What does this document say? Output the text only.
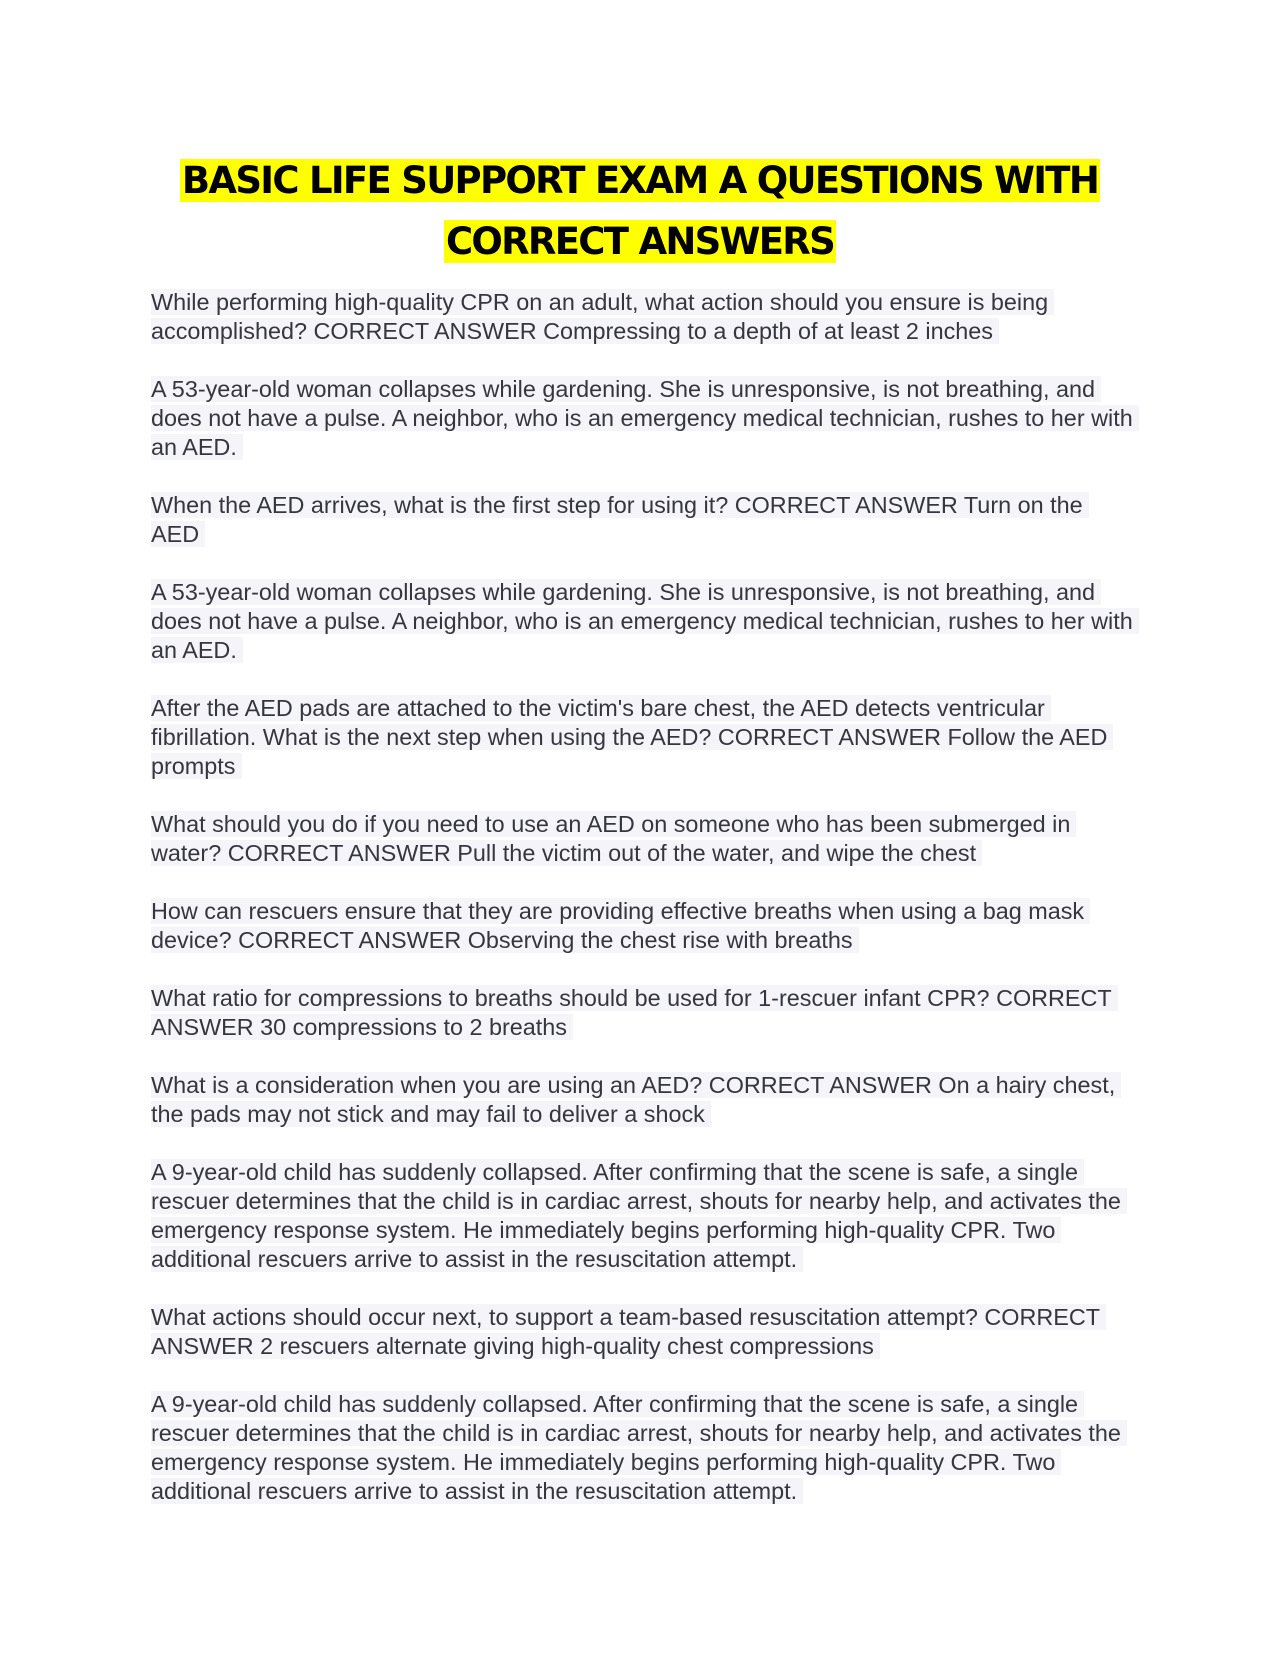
BASIC LIFE SUPPORT EXAM A QUESTIONS WITH
CORRECT ANSWERS

While performing high-quality CPR on an adult, what action should you ensure is being accomplished? CORRECT ANSWER Compressing to a depth of at least 2 inches

A 53-year-old woman collapses while gardening. She is unresponsive, is not breathing, and does not have a pulse. A neighbor, who is an emergency medical technician, rushes to her with an AED.

When the AED arrives, what is the first step for using it? CORRECT ANSWER Turn on the AED

A 53-year-old woman collapses while gardening. She is unresponsive, is not breathing, and does not have a pulse. A neighbor, who is an emergency medical technician, rushes to her with an AED.

After the AED pads are attached to the victim's bare chest, the AED detects ventricular fibrillation. What is the next step when using the AED? CORRECT ANSWER Follow the AED prompts

What should you do if you need to use an AED on someone who has been submerged in water? CORRECT ANSWER Pull the victim out of the water, and wipe the chest

How can rescuers ensure that they are providing effective breaths when using a bag mask device? CORRECT ANSWER Observing the chest rise with breaths

What ratio for compressions to breaths should be used for 1-rescuer infant CPR? CORRECT ANSWER 30 compressions to 2 breaths

What is a consideration when you are using an AED? CORRECT ANSWER On a hairy chest, the pads may not stick and may fail to deliver a shock

A 9-year-old child has suddenly collapsed. After confirming that the scene is safe, a single rescuer determines that the child is in cardiac arrest, shouts for nearby help, and activates the emergency response system. He immediately begins performing high-quality CPR. Two additional rescuers arrive to assist in the resuscitation attempt.

What actions should occur next, to support a team-based resuscitation attempt? CORRECT ANSWER 2 rescuers alternate giving high-quality chest compressions

A 9-year-old child has suddenly collapsed. After confirming that the scene is safe, a single rescuer determines that the child is in cardiac arrest, shouts for nearby help, and activates the emergency response system. He immediately begins performing high-quality CPR. Two additional rescuers arrive to assist in the resuscitation attempt.
